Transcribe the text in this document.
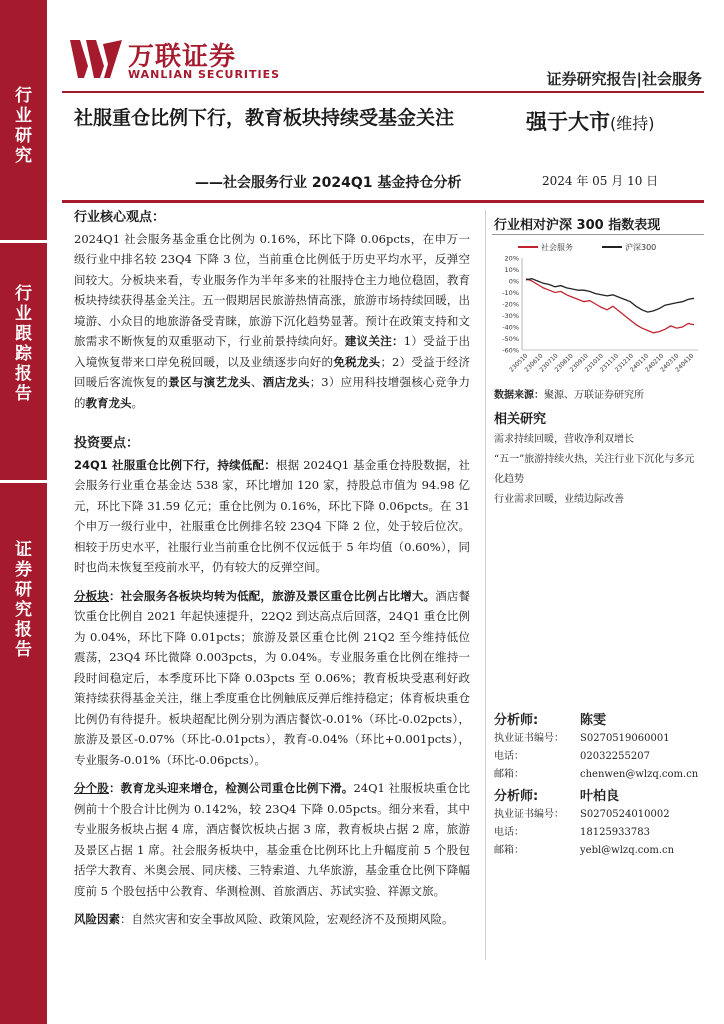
行
业
研
究
行
业
跟
踪
报
告
证
券
研
究
报
告
万联证券
WANLIAN SECURITIES	证券研究报告|社会服务
社服重仓比例下行，教育板块持续受基金关注
——社会服务行业 2024Q1 基金持仓分析
强于大市(维持)
2024 年 05 月 10 日
行业核心观点：
2024Q1 社会服务基金重仓比例为 0.16%，环比下降 0.06pcts，在申万一级行业中排名较 23Q4 下降 3 位，当前重仓比例低于历史平均水平，反弹空间较大。分板块来看，专业服务作为半年多来的社服持仓主力地位稳固，教育板块持续获得基金关注。五一假期居民旅游热情高涨，旅游市场持续回暖，出境游、小众目的地旅游备受青睐，旅游下沉化趋势显著。预计在政策支持和文旅需求不断恢复的双重驱动下，行业前景持续向好。建议关注：1）受益于出入境恢复带来口岸免税回暖，以及业绩逐步向好的免税龙头；2）受益于经济回暖后客流恢复的景区与演艺龙头、酒店龙头；3）应用科技增强核心竞争力的教育龙头。
投资要点：
24Q1 社服重仓比例下行，持续低配：根据 2024Q1 基金重仓持股数据，社会服务行业重仓基金达 538 家，环比增加 120 家，持股总市值为 94.98 亿元，环比下降 31.59 亿元；重仓比例为 0.16%，环比下降 0.06pcts。在 31 个申万一级行业中，社服重仓比例排名较 23Q4 下降 2 位，处于较后位次。相较于历史水平，社服行业当前重仓比例不仅远低于 5 年均值（0.60%），同时也尚未恢复至疫前水平，仍有较大的反弹空间。
分板块：社会服务各板块均转为低配，旅游及景区重仓比例占比增大。酒店餐饮重仓比例自 2021 年起快速提升，22Q2 到达高点后回落，24Q1 重仓比例为 0.04%，环比下降 0.01pcts；旅游及景区重仓比例 21Q2 至今维持低位震荡，23Q4 环比微降 0.003pcts，为 0.04%。专业服务重仓比例在维持一段时间稳定后，本季度环比下降 0.03pcts 至 0.06%；教育板块受惠利好政策持续获得基金关注，继上季度重仓比例触底反弹后维持稳定；体育板块重仓比例仍有待提升。板块超配比例分别为酒店餐饮-0.01%（环比-0.02pcts），旅游及景区-0.07%（环比-0.01pcts），教育-0.04%（环比+0.001pcts），专业服务-0.01%（环比-0.06pcts）。
分个股：教育龙头迎来增仓，检测公司重仓比例下滑。24Q1 社服板块重仓比例前十个股合计比例为 0.142%，较 23Q4 下降 0.05pcts。细分来看，其中专业服务板块占据 4 席，酒店餐饮板块占据 3 席，教育板块占据 2 席，旅游及景区占据 1 席。社会服务板块中，基金重仓比例环比上升幅度前 5 个股包括学大教育、米奥会展、同庆楼、三特索道、九华旅游，基金重仓比例下降幅度前 5 个股包括中公教育、华测检测、首旅酒店、苏试实验、祥源文旅。
风险因素：自然灾害和安全事故风险、政策风险，宏观经济不及预期风险。
行业相对沪深 300 指数表现
社会服务	沪深300
20%
10%
0%
-10%
-20%
-30%
-40%
-50%
-60%
230510
230610
230710
230810
230910
231010
231110
231210
240110
240210
240310
240410
数据来源：聚源、万联证券研究所
相关研究
需求持续回暖，营收净利双增长
“五一”旅游持续火热，关注行业下沉化与多元化趋势
行业需求回暖，业绩边际改善
分析师:	陈雯
执业证书编号：	S0270519060001
电话：	02032255207
邮箱：	chenwen@wlzq.com.cn
分析师:	叶柏良
执业证书编号：	S0270524010002
电话：	18125933783
邮箱：	yebl@wlzq.com.cn
